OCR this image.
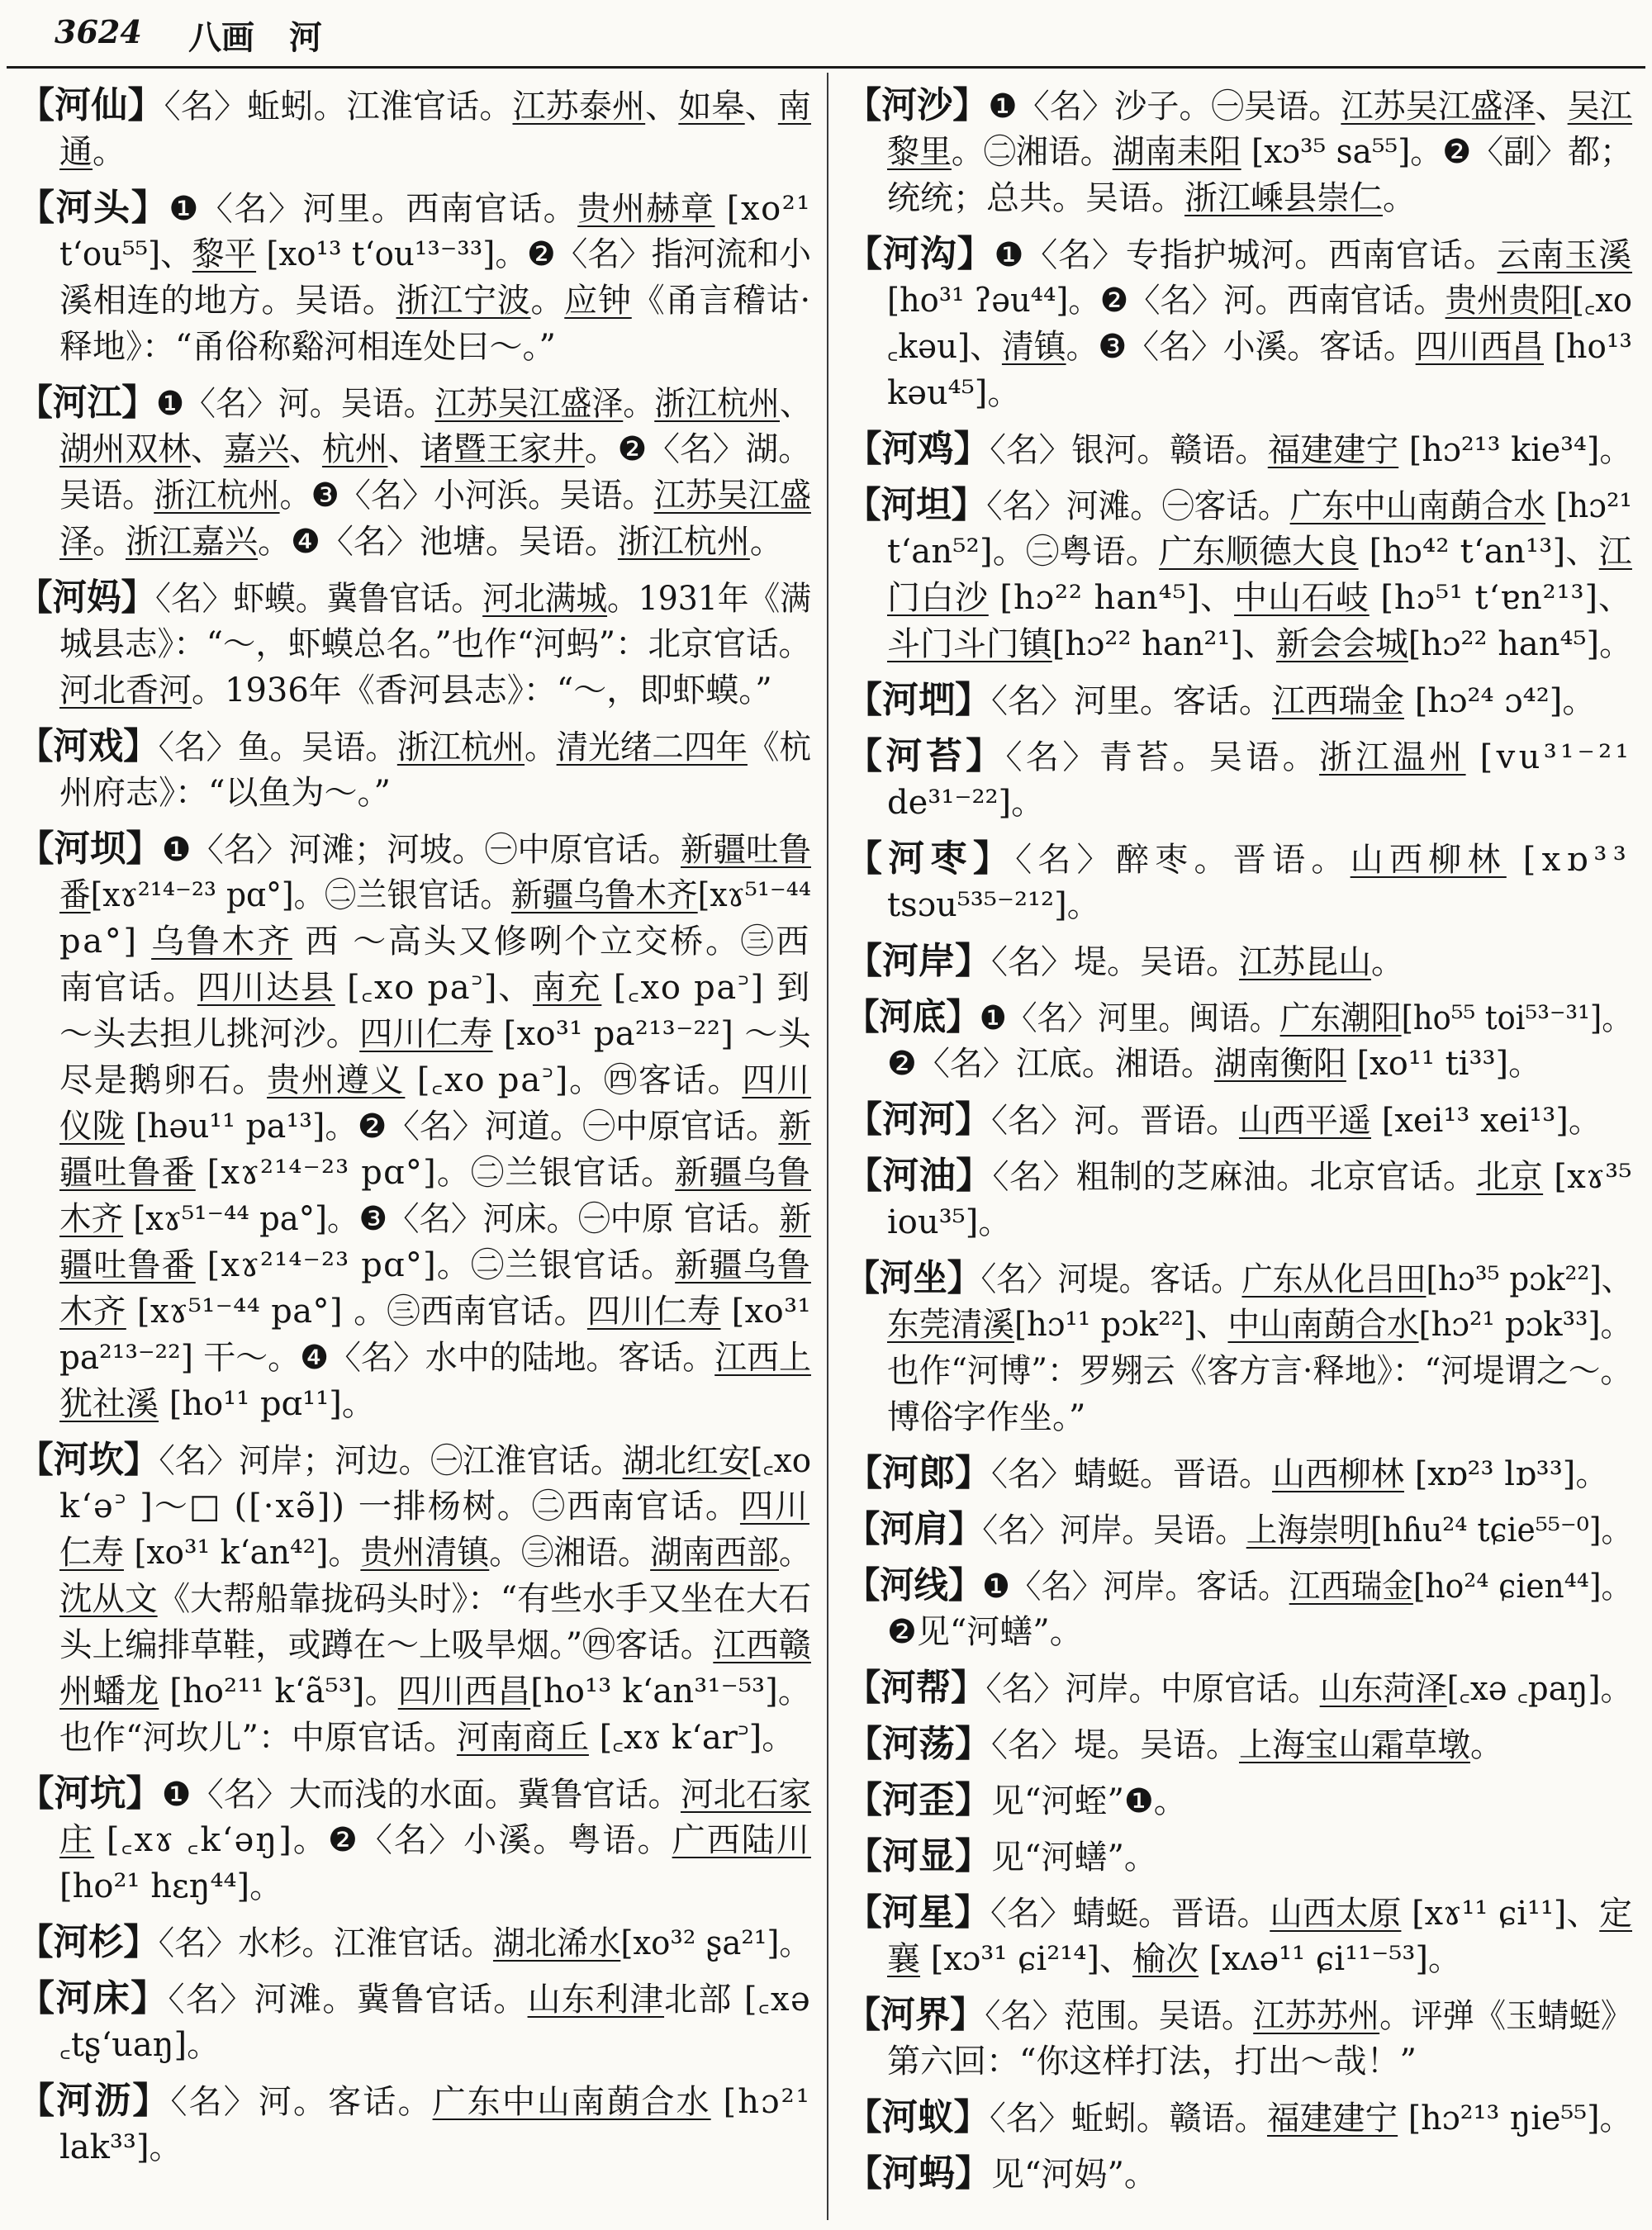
3624 八画 河
【河仙】〈名〉蚯蚓。江淮官话。江苏泰州、如皋、南
通。
【河头】❶〈名〉河里。西南官话。贵州赫章 [xo²¹
t‘ou⁵⁵]、黎平 [xo¹³ t‘ou¹³⁻³³]。❷〈名〉指河流和小
溪相连的地方。吴语。浙江宁波。应钟《甬言稽诂·
释地》：“甬俗称谿河相连处曰～。”
【河江】❶〈名〉河。吴语。江苏吴江盛泽。浙江杭州、
湖州双林、嘉兴、杭州、诸暨王家井。❷〈名〉湖。
吴语。浙江杭州。❸〈名〉小河浜。吴语。江苏吴江盛
泽。浙江嘉兴。❹〈名〉池塘。吴语。浙江杭州。
【河妈】〈名〉虾蟆。冀鲁官话。河北满城。1931年《满
城县志》：“～，虾蟆总名。”也作“河蚂”：北京官话。
河北香河。1936年《香河县志》：“～，即虾蟆。”
【河戏】〈名〉鱼。吴语。浙江杭州。清光绪二四年《杭
州府志》：“以鱼为～。”
【河坝】❶〈名〉河滩；河坡。㊀中原官话。新疆吐鲁
番[xɤ²¹⁴⁻²³ pɑ°]。㊁兰银官话。新疆乌鲁木齐[xɤ⁵¹⁻⁴⁴
pa°] 乌鲁木齐 西 ～高头又修咧个立交桥。㊂西
南官话。四川达县 [꜀xo pa꜄]、南充 [꜀xo pa꜄] 到
～头去担儿挑河沙。四川仁寿 [xo³¹ pa²¹³⁻²²] ～头
尽是鹅卵石。贵州遵义 [꜀xo pa꜄]。㊃客话。四川
仪陇 [həu¹¹ pa¹³]。❷〈名〉河道。㊀中原官话。新
疆吐鲁番 [xɤ²¹⁴⁻²³ pɑ°]。㊁兰银官话。新疆乌鲁
木齐 [xɤ⁵¹⁻⁴⁴ pa°]。❸〈名〉河床。㊀中原 官话。新
疆吐鲁番 [xɤ²¹⁴⁻²³ pɑ°]。㊁兰银官话。新疆乌鲁
木齐 [xɤ⁵¹⁻⁴⁴ pa°] 。㊂西南官话。四川仁寿 [xo³¹
pa²¹³⁻²²] 干～。❹〈名〉水中的陆地。客话。江西上
犹社溪 [ho¹¹ pɑ¹¹]。
【河坎】〈名〉河岸；河边。㊀江淮官话。湖北红安[꜀xo
k‘ə꜄ ]～□ ([·xə̃]) 一排杨树。㊁西南官话。四川
仁寿 [xo³¹ k‘an⁴²]。贵州清镇。㊂湘语。湖南西部。
沈从文《大帮船靠拢码头时》：“有些水手又坐在大石
头上编排草鞋，或蹲在～上吸旱烟。”㊃客话。江西赣
州蟠龙 [ho²¹¹ k‘ã⁵³]。四川西昌[ho¹³ k‘an³¹⁻⁵³]。
也作“河坎儿”：中原官话。河南商丘 [꜀xɤ k‘ar꜄]。
【河坑】❶〈名〉大而浅的水面。冀鲁官话。河北石家
庄 [꜀xɤ ꜀k‘əŋ]。❷〈名〉小溪。粤语。广西陆川
[ho²¹ hɛŋ⁴⁴]。
【河杉】〈名〉水杉。江淮官话。湖北浠水[xo³² ʂa²¹]。
【河床】〈名〉河滩。冀鲁官话。山东利津北部 [꜀xə
꜀tʂ‘uaŋ]。
【河沥】〈名〉河。客话。广东中山南蓢合水 [hɔ²¹
lak³³]。
【河沙】❶〈名〉沙子。㊀吴语。江苏吴江盛泽、吴江
黎里。㊁湘语。湖南耒阳 [xɔ³⁵ sa⁵⁵]。❷〈副〉都；
统统；总共。吴语。浙江嵊县崇仁。
【河沟】❶〈名〉专指护城河。西南官话。云南玉溪
[ho³¹ ʔəu⁴⁴]。❷〈名〉河。西南官话。贵州贵阳[꜀xo
꜀kəu]、清镇。❸〈名〉小溪。客话。四川西昌 [ho¹³
kəu⁴⁵]。
【河鸡】〈名〉银河。赣语。福建建宁 [hɔ²¹³ kie³⁴]。
【河坦】〈名〉河滩。㊀客话。广东中山南蓢合水 [hɔ²¹
t‘an⁵²]。㊁粤语。广东顺德大良 [hɔ⁴² t‘an¹³]、江
门白沙 [hɔ²² han⁴⁵]、中山石岐 [hɔ⁵¹ t‘ɐn²¹³]、
斗门斗门镇[hɔ²² han²¹]、新会会城[hɔ²² han⁴⁵]。
【河垇】〈名〉河里。客话。江西瑞金 [hɔ²⁴ ɔ⁴²]。
【河苔】〈名〉青苔。吴语。浙江温州 [vu³¹⁻²¹
de³¹⁻²²]。
【河枣】〈名〉醉枣。晋语。山西柳林 [xɒ³³
tsɔu⁵³⁵⁻²¹²]。
【河岸】〈名〉堤。吴语。江苏昆山。
【河底】❶〈名〉河里。闽语。广东潮阳[ho⁵⁵ toi⁵³⁻³¹]。
❷〈名〉江底。湘语。湖南衡阳 [xo¹¹ ti³³]。
【河河】〈名〉河。晋语。山西平遥 [xei¹³ xei¹³]。
【河油】〈名〉粗制的芝麻油。北京官话。北京 [xɤ³⁵
iou³⁵]。
【河坐】〈名〉河堤。客话。广东从化吕田[hɔ³⁵ pɔk²²]、
东莞清溪[hɔ¹¹ pɔk²²]、中山南蓢合水[hɔ²¹ pɔk³³]。
也作“河博”：罗翙云《客方言·释地》：“河堤谓之～。
博俗字作坐。”
【河郎】〈名〉蜻蜓。晋语。山西柳林 [xɒ²³ lɒ³³]。
【河肩】〈名〉河岸。吴语。上海崇明[hɦu²⁴ tɕie⁵⁵⁻⁰]。
【河线】❶〈名〉河岸。客话。江西瑞金[ho²⁴ ɕien⁴⁴]。
❷见“河蟮”。
【河帮】〈名〉河岸。中原官话。山东菏泽[꜀xə ꜀paŋ]。
【河荡】〈名〉堤。吴语。上海宝山霜草墩。
【河歪】见“河蛭”❶。
【河显】见“河蟮”。
【河星】〈名〉蜻蜓。晋语。山西太原 [xɤ¹¹ ɕi¹¹]、定
襄 [xɔ³¹ ɕi²¹⁴]、榆次 [xʌə¹¹ ɕi¹¹⁻⁵³]。
【河界】〈名〉范围。吴语。江苏苏州。评弹《玉蜻蜓》
第六回：“你这样打法，打出～哉！”
【河蚁】〈名〉蚯蚓。赣语。福建建宁 [hɔ²¹³ ŋie⁵⁵]。
【河蚂】见“河妈”。
